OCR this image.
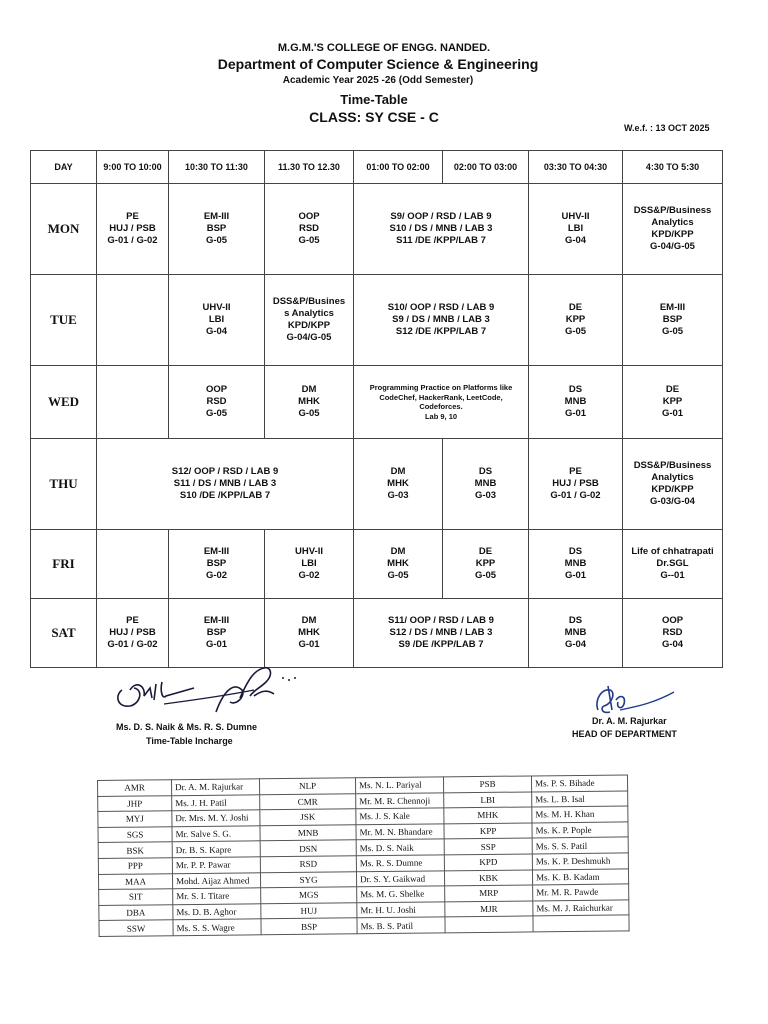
M.G.M.'S COLLEGE OF ENGG. NANDED.
Department of Computer Science & Engineering
Academic Year 2025 -26 (Odd Semester)
Time-Table
CLASS: SY CSE - C
W.e.f. : 13 OCT 2025
DAY	9:00 TO 10:00	10:30 TO 11:30	11.30 TO 12.30	01:00 TO 02:00	02:00 TO 03:00	03:30 TO 04:30	4:30 TO 5:30
MON	PE
HUJ / PSB
G-01 / G-02	EM-III
BSP
G-05	OOP
RSD
G-05	S9/ OOP / RSD / LAB 9
S10 / DS / MNB / LAB 3
S11 /DE /KPP/LAB 7		UHV-II
LBI
G-04	DSS&P/Business
Analytics
KPD/KPP
G-04/G-05

TUE		UHV-II
LBI
G-04	DSS&P/Busines
s Analytics
KPD/KPP
G-04/G-05	S10/ OOP / RSD / LAB 9
S9 / DS / MNB / LAB 3
S12 /DE /KPP/LAB 7		DE
KPP
G-05	EM-III
BSP
G-05

WED		OOP
RSD
G-05	DM
MHK
G-05	Programming Practice on Platforms like
CodeChef, HackerRank, LeetCode,
Codeforces.
Lab 9, 10		DS
MNB
G-01	DE
KPP
G-01

THU	S12/ OOP / RSD / LAB 9
S11 / DS / MNB / LAB 3
S10 /DE /KPP/LAB 7			DM
MHK
G-03	DS
MNB
G-03	PE
HUJ / PSB
G-01 / G-02	DSS&P/Business
Analytics
KPD/KPP
G-03/G-04

FRI		EM-III
BSP
G-02	UHV-II
LBI
G-02	DM
MHK
G-05	DE
KPP
G-05	DS
MNB
G-01	Life of chhatrapati
Dr.SGL
G--01

SAT	PE
HUJ / PSB
G-01 / G-02	EM-III
BSP
G-01	DM
MHK
G-01	S11/ OOP / RSD / LAB 9
S12 / DS / MNB / LAB 3
S9 /DE /KPP/LAB 7		DS
MNB
G-04	OOP
RSD
G-04
Ms. D. S. Naik & Ms. R. S. Dumne
Time-Table Incharge
Dr. A. M. Rajurkar
HEAD OF DEPARTMENT
AMR	Dr. A. M. Rajurkar	NLP	Ms. N. L. Pariyal	PSB	Ms. P. S. Bihade
JHP	Ms. J. H. Patil	CMR	Mr. M. R. Chennoji	LBI	Ms. L. B. Isal
MYJ	Dr. Mrs. M. Y. Joshi	JSK	Ms. J. S. Kale	MHK	Ms. M. H. Khan
SGS	Mr. Salve S. G.	MNB	Mr. M. N. Bhandare	KPP	Ms. K. P. Pople
BSK	Dr. B. S. Kapre	DSN	Ms. D. S. Naik	SSP	Ms. S. S. Patil
PPP	Mr. P. P. Pawar	RSD	Ms. R. S. Dumne	KPD	Ms. K. P. Deshmukh
MAA	Mohd. Aijaz Ahmed	SYG	Dr. S. Y. Gaikwad	KBK	Ms. K. B. Kadam
SIT	Mr. S. I. Titare	MGS	Ms. M. G. Shelke	MRP	Mr. M. R. Pawde
DBA	Ms. D. B. Aghor	HUJ	Mr. H. U. Joshi	MJR	Ms. M. J. Raichurkar
SSW	Ms. S. S. Wagre	BSP	Ms. B. S. Patil		
